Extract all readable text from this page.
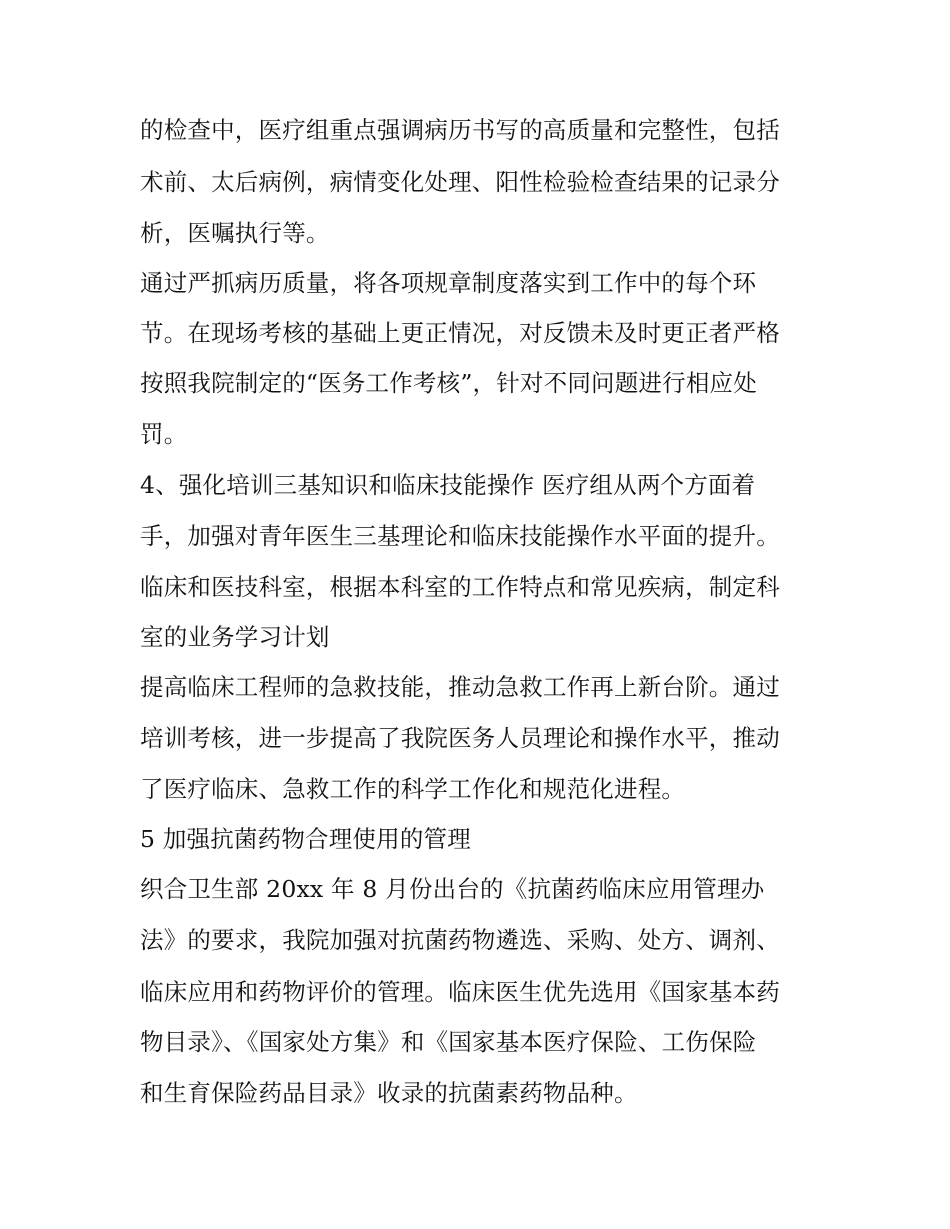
的检查中，医疗组重点强调病历书写的高质量和完整性，包括
术前、太后病例，病情变化处理、阳性检验检查结果的记录分
析，医嘱执行等。
通过严抓病历质量，将各项规章制度落实到工作中的每个环
节。在现场考核的基础上更正情况，对反馈未及时更正者严格
按照我院制定的“医务工作考核”，针对不同问题进行相应处
罚。
4、强化培训三基知识和临床技能操作 医疗组从两个方面着
手，加强对青年医生三基理论和临床技能操作水平面的提升。
临床和医技科室，根据本科室的工作特点和常见疾病，制定科
室的业务学习计划
提高临床工程师的急救技能，推动急救工作再上新台阶。通过
培训考核，进一步提高了我院医务人员理论和操作水平，推动
了医疗临床、急救工作的科学工作化和规范化进程。
5 加强抗菌药物合理使用的管理
织合卫生部 20xx 年 8 月份出台的《抗菌药临床应用管理办
法》的要求，我院加强对抗菌药物遴选、采购、处方、调剂、
临床应用和药物评价的管理。临床医生优先选用《国家基本药
物目录》、《国家处方集》和《国家基本医疗保险、工伤保险
和生育保险药品目录》收录的抗菌素药物品种。
